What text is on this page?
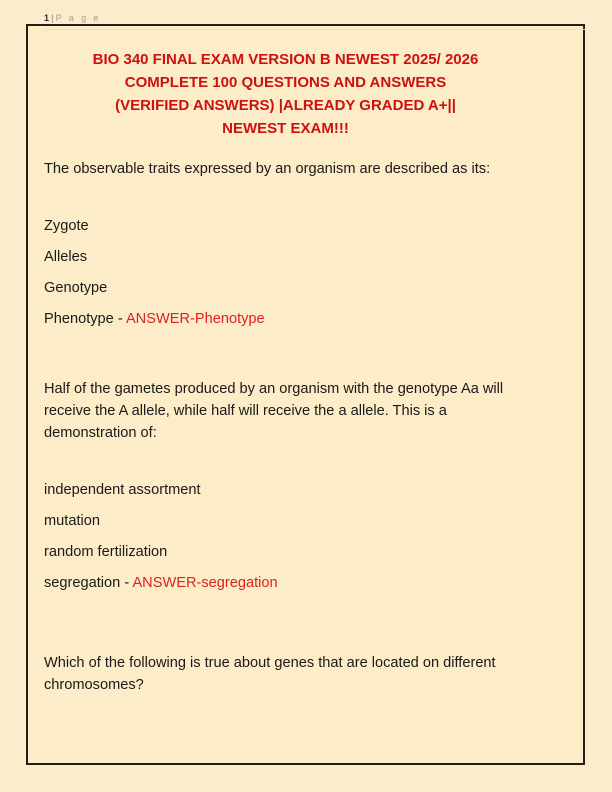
1 | P a g e
BIO 340 FINAL EXAM VERSION B NEWEST 2025/ 2026
COMPLETE 100 QUESTIONS AND ANSWERS
(VERIFIED ANSWERS) |ALREADY GRADED A+||
NEWEST EXAM!!!

The observable traits expressed by an organism are described as its:

Zygote
Alleles
Genotype
Phenotype - ANSWER-Phenotype

Half of the gametes produced by an organism with the genotype Aa will receive the A allele, while half will receive the a allele. This is a demonstration of:

independent assortment
mutation
random fertilization
segregation - ANSWER-segregation

Which of the following is true about genes that are located on different chromosomes?
